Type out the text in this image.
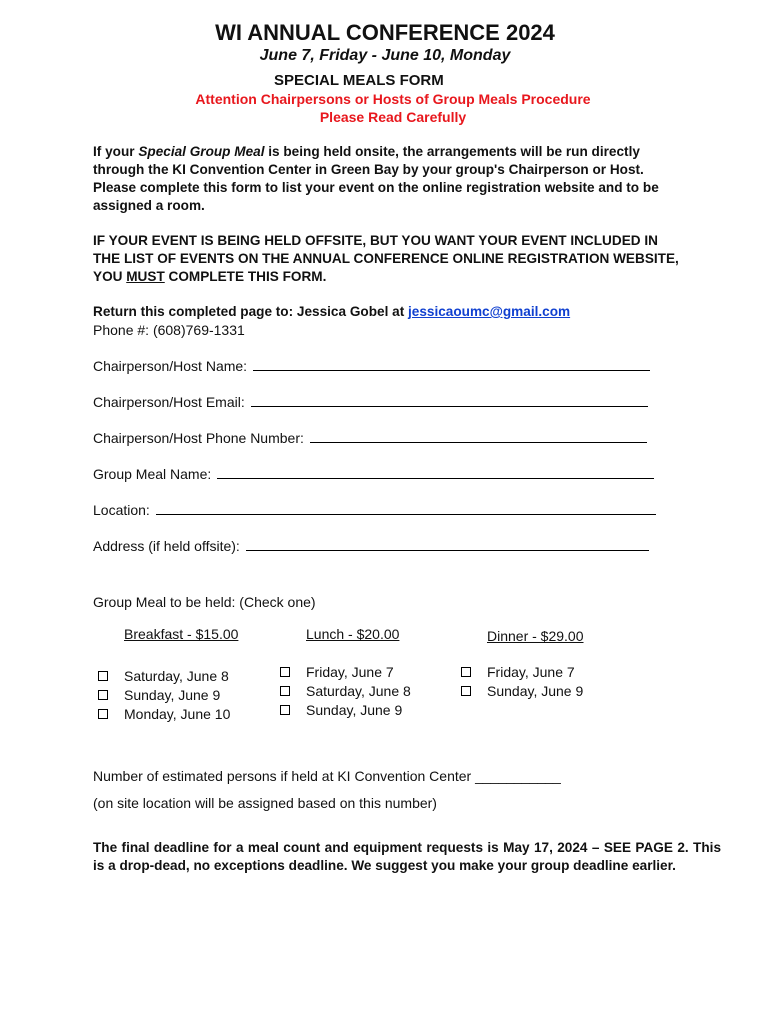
WI ANNUAL CONFERENCE 2024
June 7, Friday - June 10, Monday
SPECIAL MEALS FORM
Attention Chairpersons or Hosts of Group Meals Procedure
Please Read Carefully
If your Special Group Meal is being held onsite, the arrangements will be run directly through the KI Convention Center in Green Bay by your group's Chairperson or Host. Please complete this form to list your event on the online registration website and to be assigned a room.
IF YOUR EVENT IS BEING HELD OFFSITE, BUT YOU WANT YOUR EVENT INCLUDED IN THE LIST OF EVENTS ON THE ANNUAL CONFERENCE ONLINE REGISTRATION WEBSITE, YOU MUST COMPLETE THIS FORM.
Return this completed page to: Jessica Gobel at jessicaoumc@gmail.com
Phone #: (608)769-1331
Chairperson/Host Name:
Chairperson/Host Email:
Chairperson/Host Phone Number:
Group Meal Name:
Location:
Address (if held offsite):
Group Meal to be held: (Check one)
Breakfast - $15.00	Lunch - $20.00	Dinner - $29.00
Saturday, June 8
Sunday, June 9
Monday, June 10
Friday, June 7
Saturday, June 8
Sunday, June 9
Friday, June 7
Sunday, June 9
Number of estimated persons if held at KI Convention Center ___________
(on site location will be assigned based on this number)
The final deadline for a meal count and equipment requests is May 17, 2024 – SEE PAGE 2. This is a drop-dead, no exceptions deadline. We suggest you make your group deadline earlier.
